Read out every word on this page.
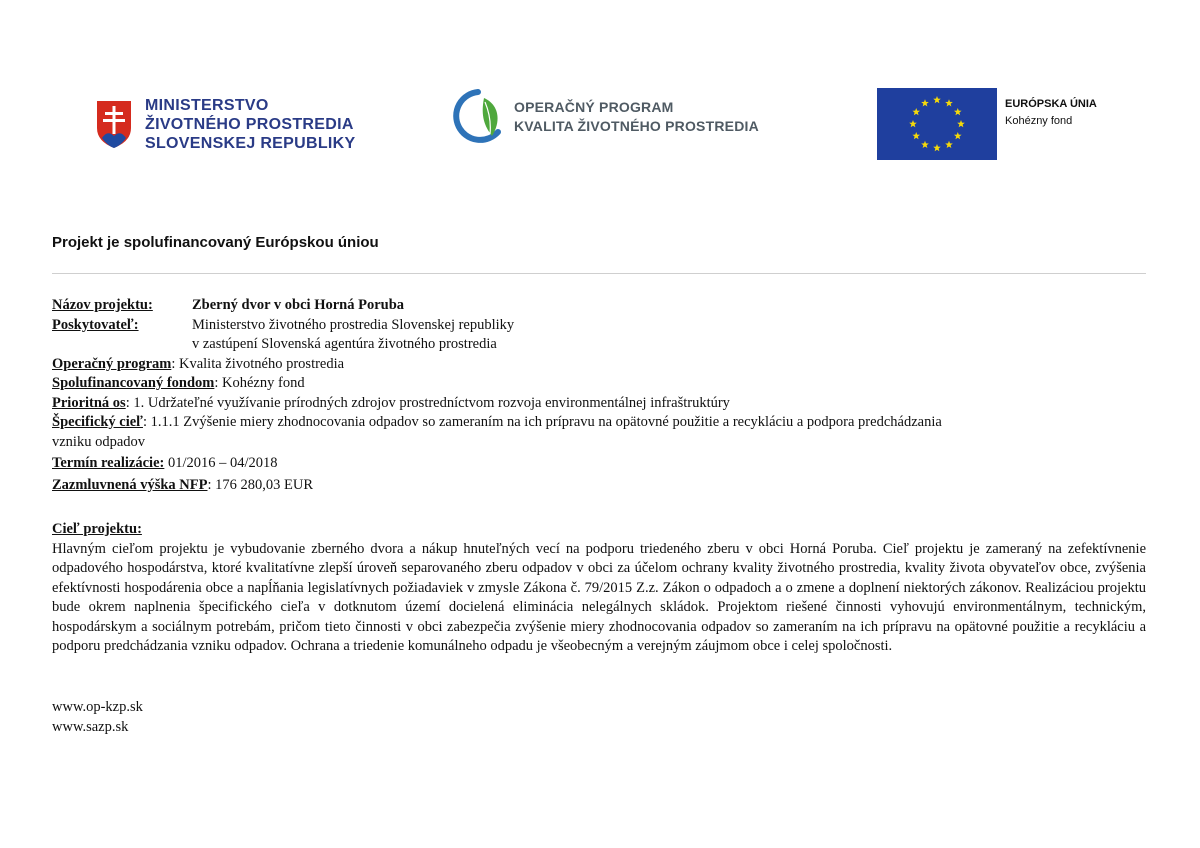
MINISTERSTVO
ŽIVOTNÉHO PROSTREDIA
SLOVENSKEJ REPUBLIKY
OPERAČNÝ PROGRAM
KVALITA ŽIVOTNÉHO PROSTREDIA
EURÓPSKA ÚNIA
Kohézny fond
Projekt je spolufinancovaný Európskou úniou
Názov projektu:	Zberný dvor v obci Horná Poruba
Poskytovateľ:	Ministerstvo životného prostredia Slovenskej republiky
v zastúpení Slovenská agentúra životného prostredia
Operačný program: Kvalita životného prostredia
Spolufinancovaný fondom: Kohézny fond
Prioritná os: 1. Udržateľné využívanie prírodných zdrojov prostredníctvom rozvoja environmentálnej infraštruktúry
Špecifický cieľ: 1.1.1 Zvýšenie miery zhodnocovania odpadov so zameraním na ich prípravu na opätovné použitie a recykláciu a podpora predchádzania
vzniku odpadov
Termín realizácie: 01/2016 – 04/2018
Zazmluvnená výška NFP: 176 280,03 EUR
Cieľ projektu:

Hlavným cieľom projektu je vybudovanie zberného dvora a nákup hnuteľných vecí na podporu triedeného zberu v obci Horná Poruba. Cieľ projektu je zameraný na zefektívnenie odpadového hospodárstva, ktoré kvalitatívne zlepší úroveň separovaného zberu odpadov v obci za účelom ochrany kvality životného prostredia, kvality života obyvateľov obce, zvýšenia efektívnosti hospodárenia obce a napĺňania legislatívnych požiadaviek v zmysle Zákona č. 79/2015 Z.z. Zákon o odpadoch a o zmene a doplnení niektorých zákonov. Realizáciou projektu bude okrem naplnenia špecifického cieľa v dotknutom území docielená eliminácia nelegálnych skládok. Projektom riešené činnosti vyhovujú environmentálnym, technickým, hospodárskym a sociálnym potrebám, pričom tieto činnosti v obci zabezpečia zvýšenie miery zhodnocovania odpadov so zameraním na ich prípravu na opätovné použitie a recykláciu a podporu predchádzania vzniku odpadov. Ochrana a triedenie komunálneho odpadu je všeobecným a verejným záujmom obce i celej spoločnosti.

www.op-kzp.sk
www.sazp.sk
